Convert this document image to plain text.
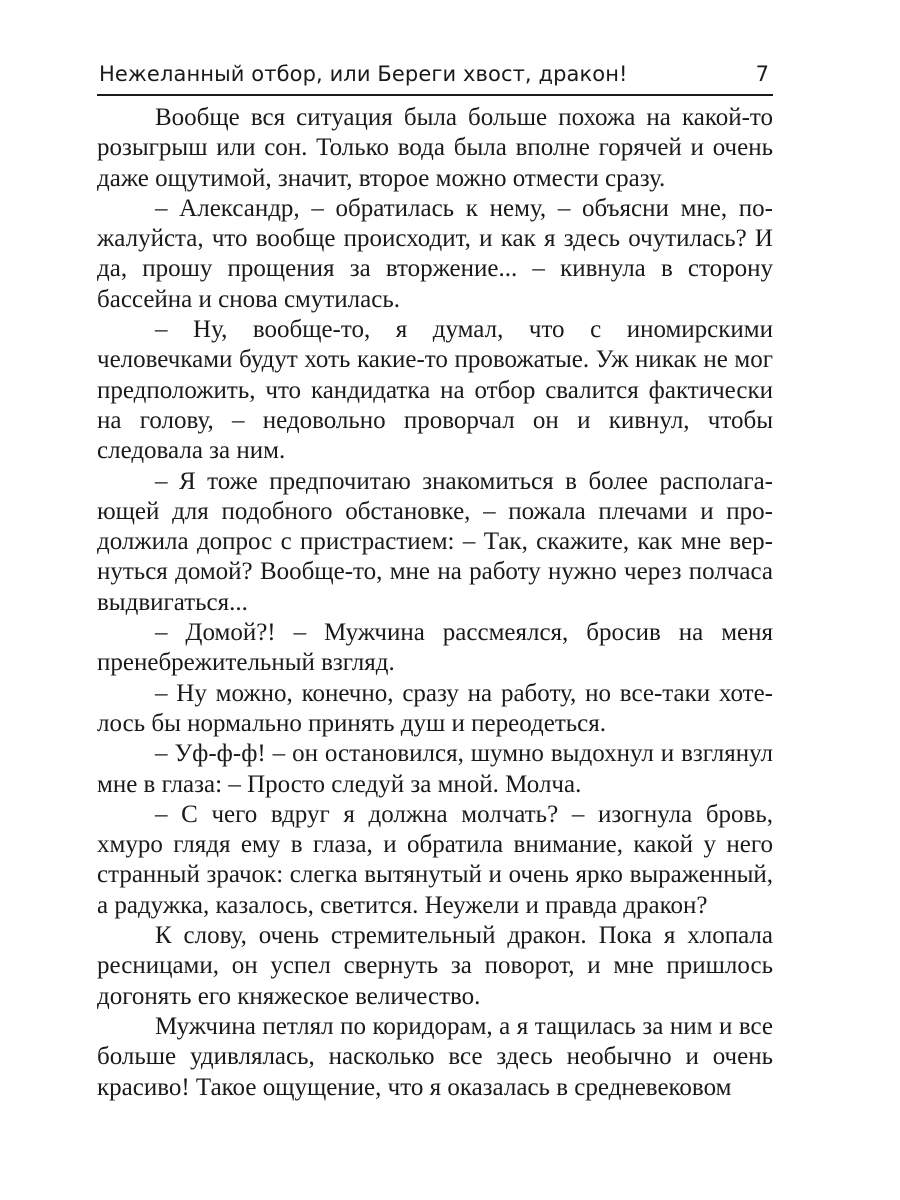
Нежеланный отбор, или Береги хвост, дракон!	7

Вообще вся ситуация была больше похожа на какой-то розыгрыш или сон. Только вода была вполне горячей и очень даже ощутимой, значит, второе можно отмести сразу.

– Александр, – обратилась к нему, – объясни мне, пожалуйста, что вообще происходит, и как я здесь очутилась? И да, прошу прощения за вторжение... – кивнула в сторону бассейна и снова смутилась.

– Ну, вообще-то, я думал, что с иномирскими человечками будут хоть какие-то провожатые. Уж никак не мог предположить, что кандидатка на отбор свалится фактически на голову, – недовольно проворчал он и кивнул, чтобы следовала за ним.

– Я тоже предпочитаю знакомиться в более располагающей для подобного обстановке, – пожала плечами и продолжила допрос с пристрастием: – Так, скажите, как мне вернуться домой? Вообще-то, мне на работу нужно через полчаса выдвигаться...

– Домой?! – Мужчина рассмеялся, бросив на меня пренебрежительный взгляд.

– Ну можно, конечно, сразу на работу, но все-таки хотелось бы нормально принять душ и переодеться.

– Уф-ф-ф! – он остановился, шумно выдохнул и взглянул мне в глаза: – Просто следуй за мной. Молча.

– С чего вдруг я должна молчать? – изогнула бровь, хмуро глядя ему в глаза, и обратила внимание, какой у него странный зрачок: слегка вытянутый и очень ярко выраженный, а радужка, казалось, светится. Неужели и правда дракон?

К слову, очень стремительный дракон. Пока я хлопала ресницами, он успел свернуть за поворот, и мне пришлось догонять его княжеское величество.

Мужчина петлял по коридорам, а я тащилась за ним и все больше удивлялась, насколько все здесь необычно и очень красиво! Такое ощущение, что я оказалась в средневековом
